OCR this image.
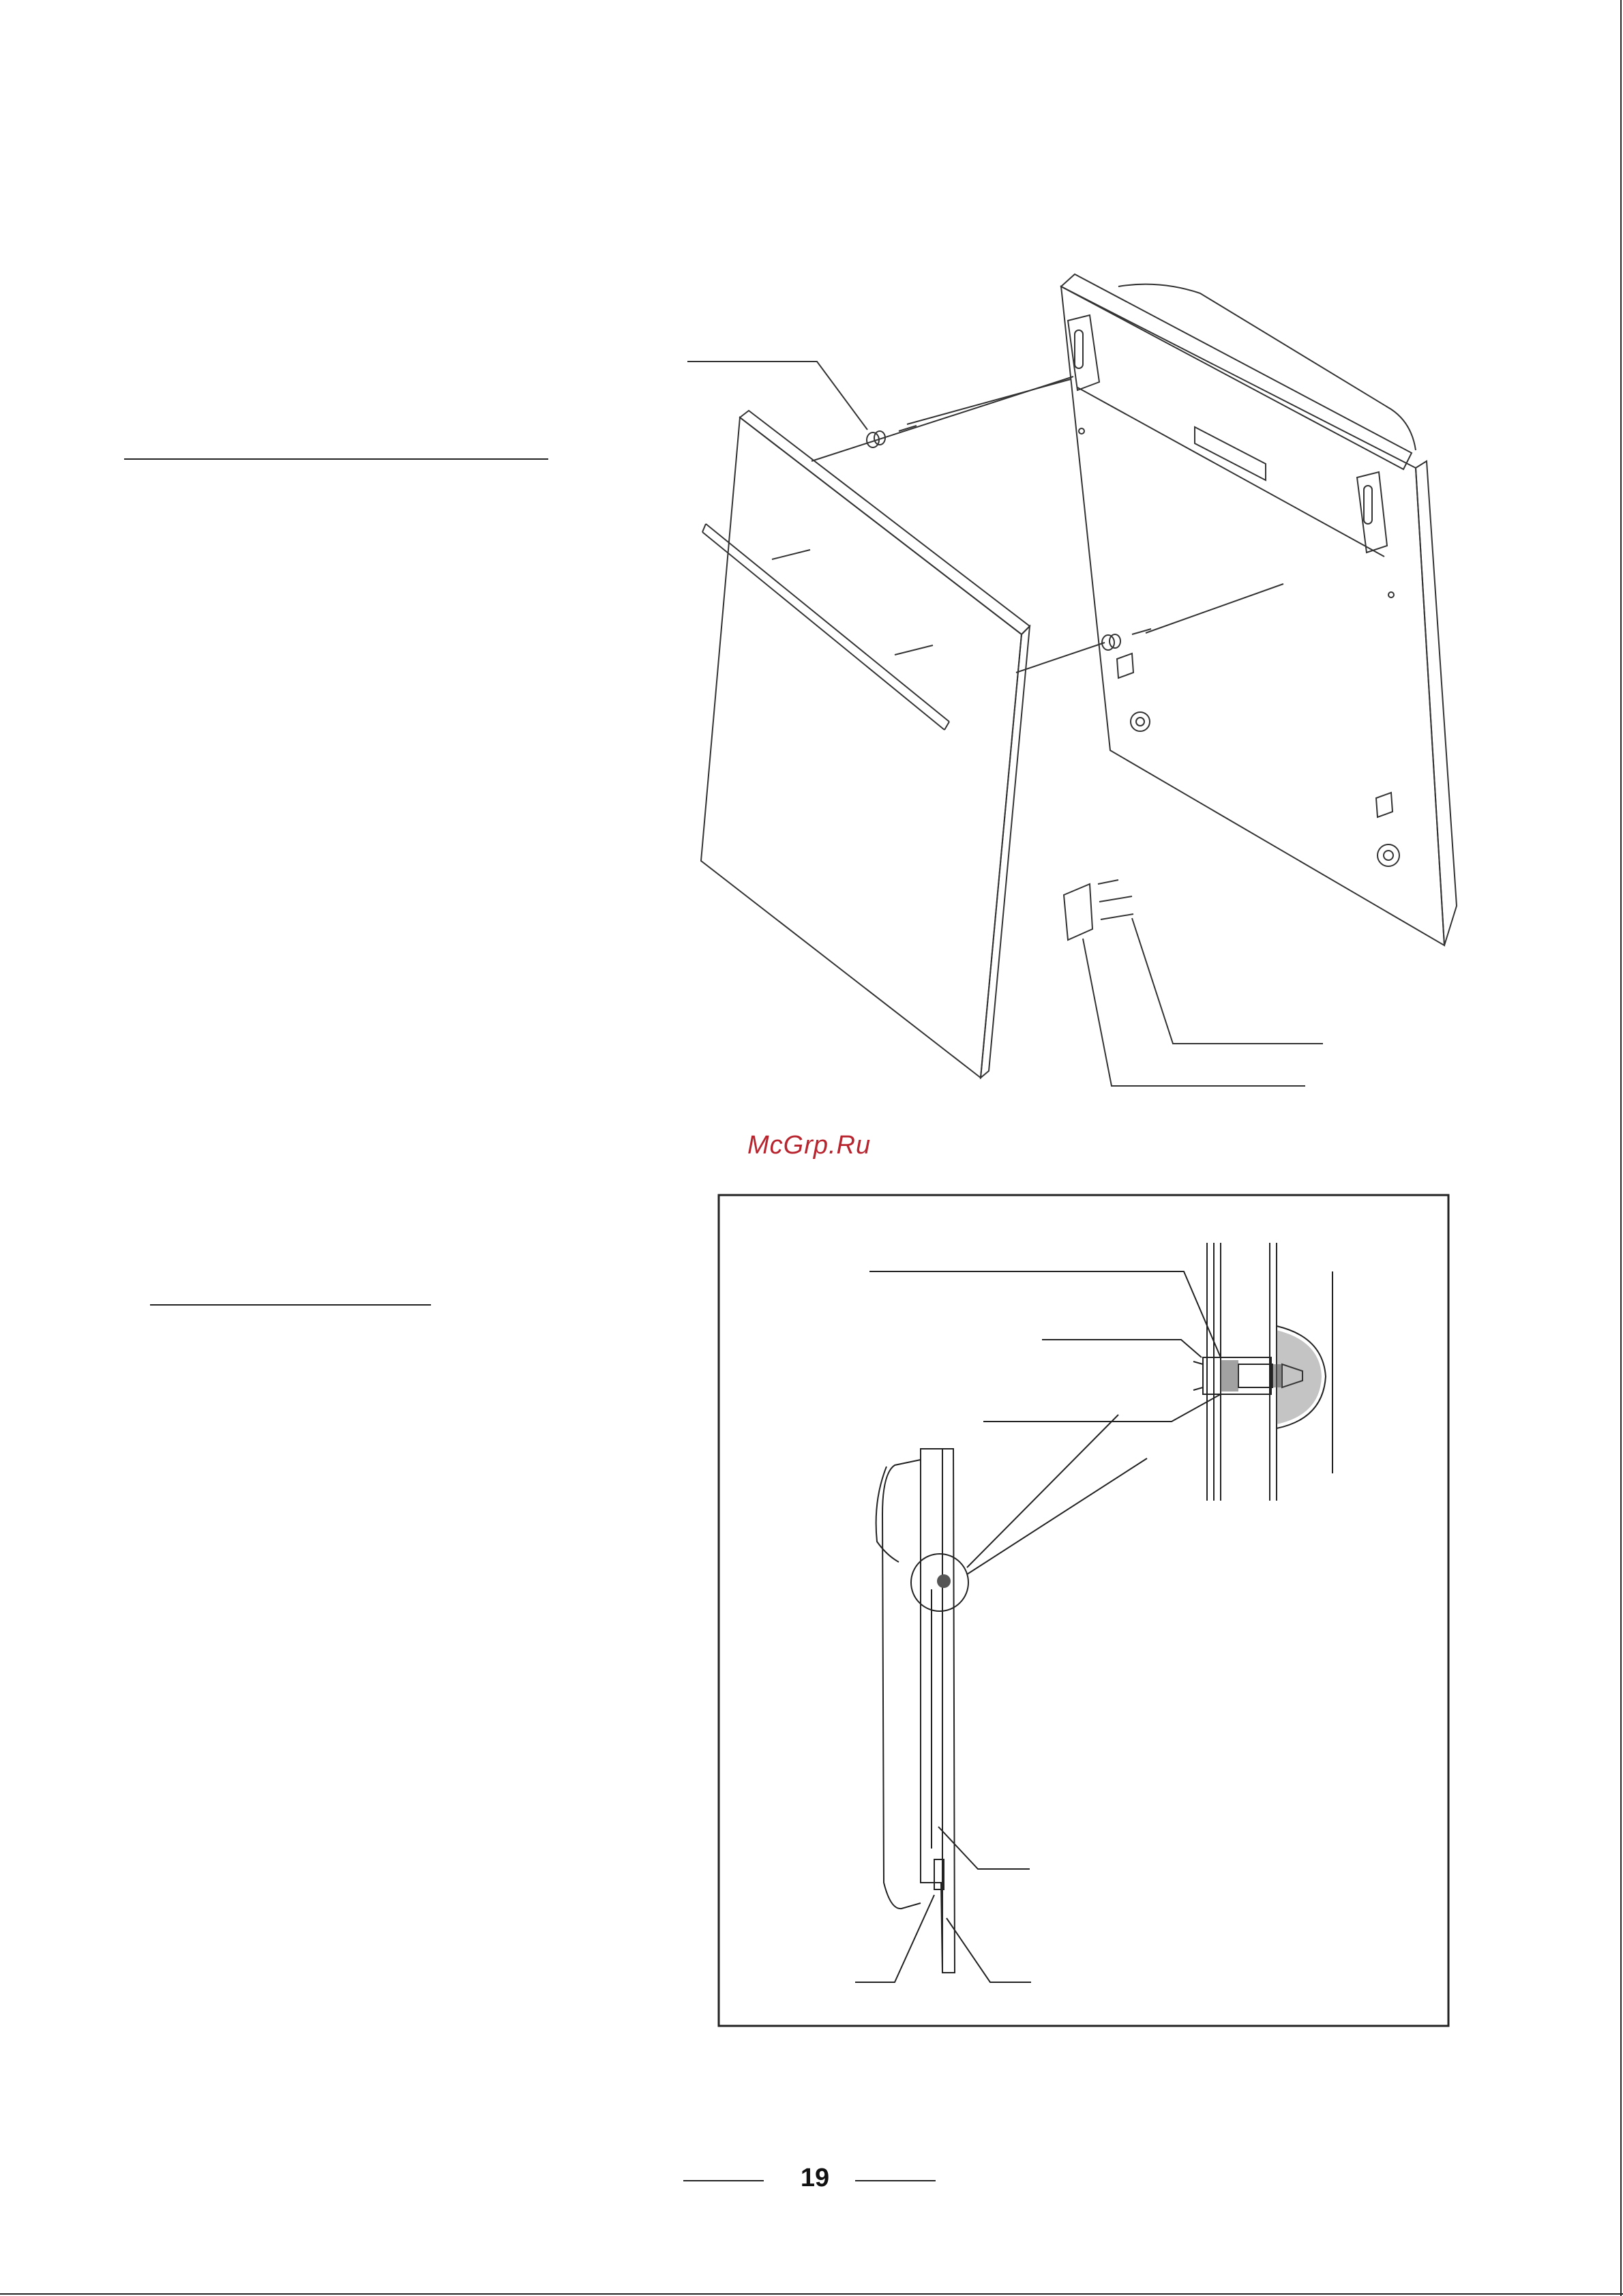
McGrp.Ru
19
